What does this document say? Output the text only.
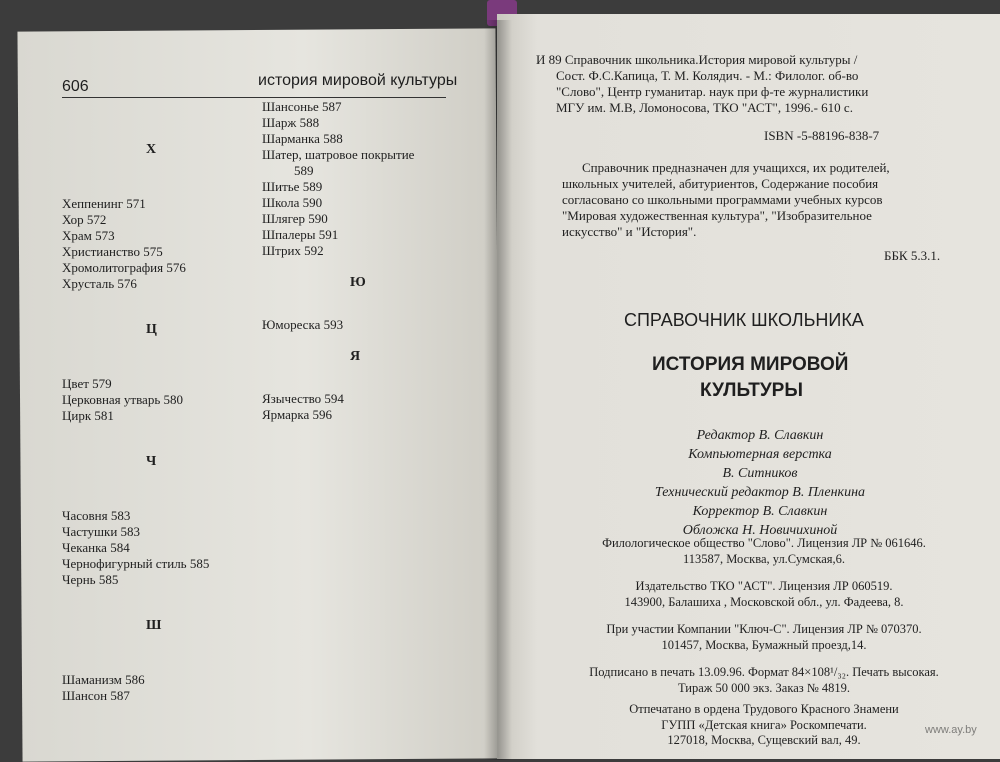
606	история мировой культуры
Х
Хеппенинг 571
Хор 572
Храм 573
Христианство 575
Хромолитография 576
Хрусталь 576
Ц
Цвет 579
Церковная утварь 580
Цирк 581
Ч
Часовня 583
Частушки 583
Чеканка 584
Чернофигурный стиль 585
Чернь 585
Ш
Шаманизм 586
Шансон 587
Шансонье 587
Шарж 588
Шарманка 588
Шатер, шатровое покрытие
589
Шитье 589
Школа 590
Шлягер 590
Шпалеры 591
Штрих 592
Ю
Юмореска 593
Я
Язычество 594
Ярмарка 596
И 89 Справочник школьника.История мировой культуры /
Сост. Ф.С.Капица, Т. М. Колядич. - М.: Филолог. об-во
"Слово", Центр гуманитар. наук при ф-те журналистики
МГУ им. М.В, Ломоносова, ТКО "АСТ", 1996.- 610 с.
ISBN -5-88196-838-7
Справочник предназначен для учащихся, их родителей,
школьных учителей, абитуриентов, Содержание пособия
согласовано со школьными программами учебных курсов
"Мировая художественная культура", "Изобразительное
искусство" и "История".
ББК 5.3.1.
СПРАВОЧНИК ШКОЛЬНИКА
ИСТОРИЯ МИРОВОЙ
КУЛЬТУРЫ
Редактор В. Славкин
Компьютерная верстка
В. Ситников
Технический редактор В. Пленкина
Корректор В. Славкин
Обложка Н. Новичихиной
Филологическое общество "Слово". Лицензия ЛР № 061646.
113587, Москва, ул.Сумская,6.
Издательство ТКО "АСТ". Лицензия ЛР 060519.
143900, Балашиха , Московской обл., ул. Фадеева, 8.
При участии Компании "Ключ-С". Лицензия ЛР № 070370.
101457, Москва, Бумажный проезд,14.
Подписано в печать 13.09.96. Формат 84×108¹/₃₂. Печать высокая.
Тираж 50 000 экз. Заказ № 4819.
Отпечатано в ордена Трудового Красного Знамени
ГУПП «Детская книга» Роскомпечати.
127018, Москва, Сущевский вал, 49.
www.ay.by
